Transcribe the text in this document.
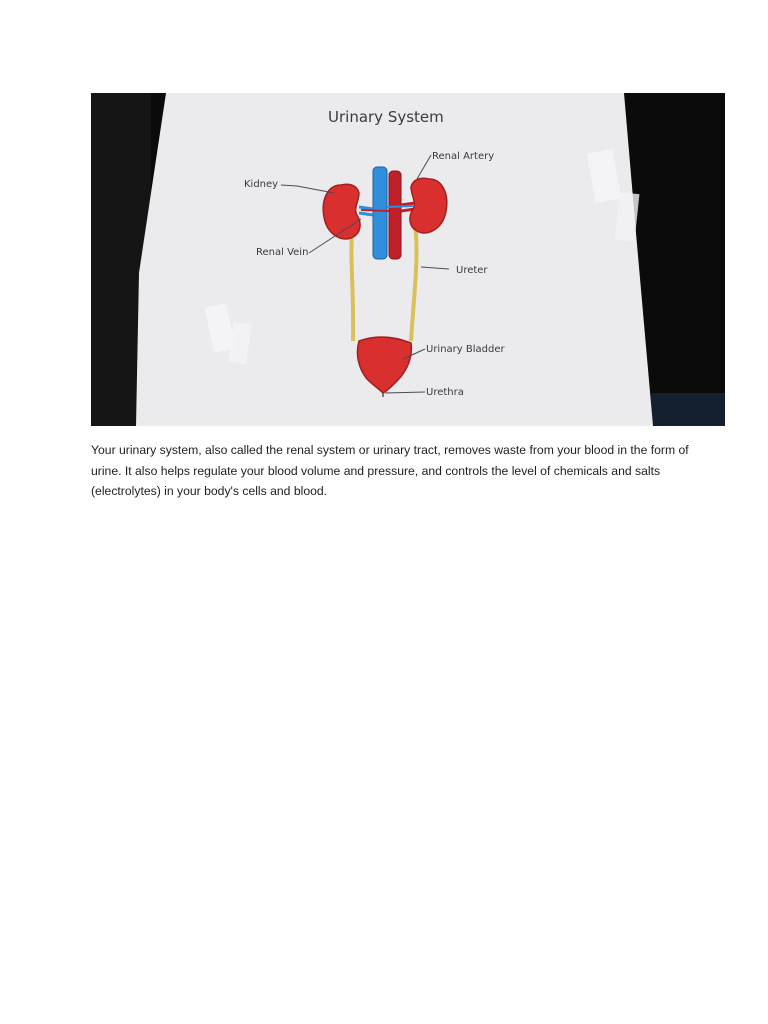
Urinary System
Kidney
Renal Artery
Renal Vein
Ureter
Urinary Bladder
Urethra

Your urinary system, also called the renal system or urinary tract, removes waste from your blood in the form of urine. It also helps regulate your blood volume and pressure, and controls the level of chemicals and salts (electrolytes) in your body's cells and blood.
